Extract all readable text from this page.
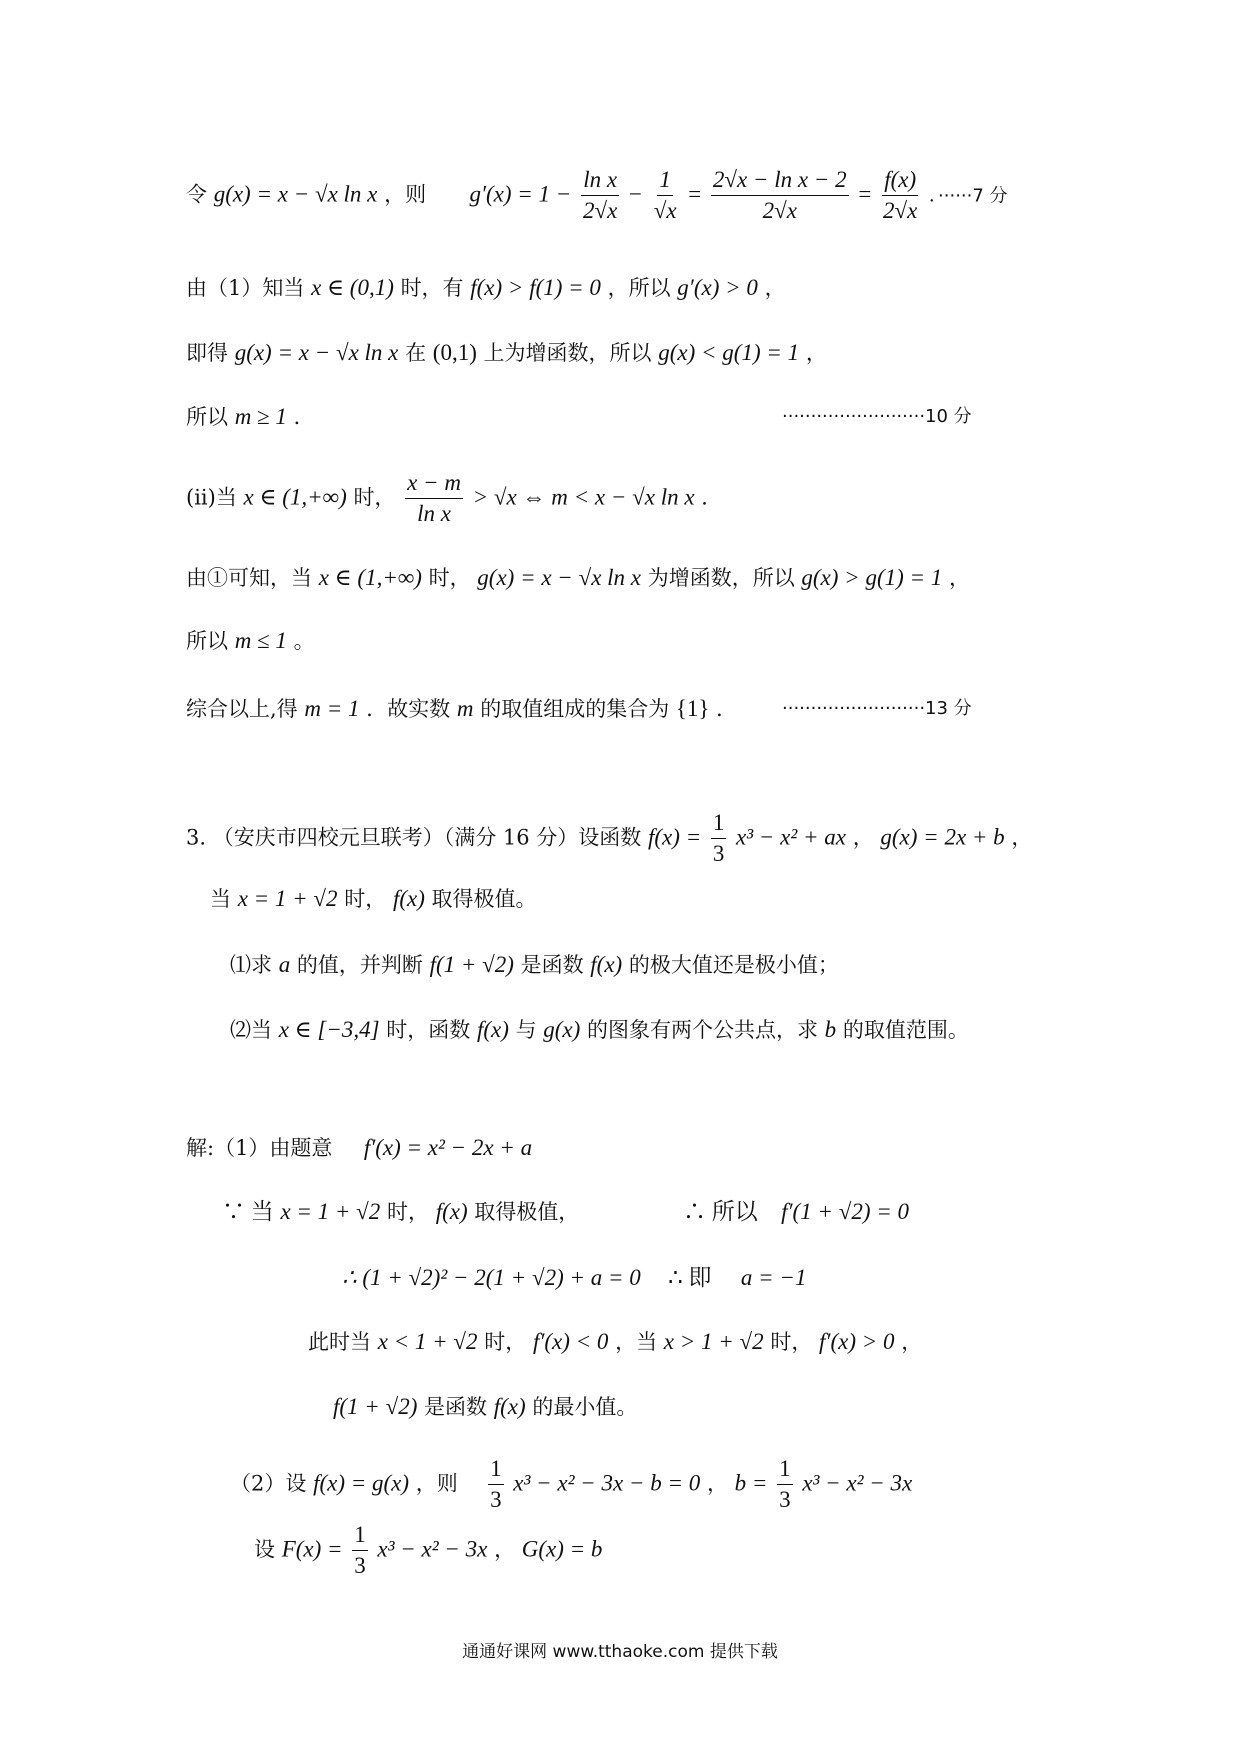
令 g(x) = x − √x ln x ，则 $g'(x) = 1 - \frac{\text{ln x}}{2√x} - \frac{1}{√x} = \frac{\text{2√x − ln x − 2}}{2√x} = \frac{f(x)}{2√x}$ ．······7 分
由（1）知当 x ∈ (0,1) 时，有 f(x) > f(1) = 0 ，所以 g′(x) > 0 ，
即得 g(x) = x − √x ln x 在 (0,1) 上为增函数，所以 g(x) < g(1) = 1 ，
所以 m ≥ 1 ．	·························10 分
(ii)当 x ∈ (1,+∞) 时， $\frac{x - m}{\text{ln x}} > √x$ ⇔ m < x − √x ln x ．
由①可知，当 x ∈ (1,+∞) 时， g(x) = x − √x ln x 为增函数，所以 g(x) > g(1) = 1 ，
所以 m ≤ 1 。
综合以上,得 m = 1 ．故实数 m 的取值组成的集合为 {1} ． ·························13 分
3. （安庆市四校元旦联考）（满分 16 分）设函数 $f(x) = \frac{1}{3} x^3 - x^2$ + ax ， g(x) = 2x + b ，
当 x = 1 + √2 时， f(x) 取得极值。
⑴求 a 的值，并判断 f(1 + √2) 是函数 f(x) 的极大值还是极小值；
⑵当 x ∈ [−3,4] 时，函数 f(x) 与 g(x) 的图象有两个公共点，求 b 的取值范围。
解:（1）由题意 f′(x) = x² − 2x + a
∵ 当 x = 1 + √2 时， f(x) 取得极值，	∴ 所以 f′(1 + √2) = 0
∴ (1 + √2)² − 2(1 + √2) + a = 0 ∴ 即 a = −1
此时当 x < 1 + √2 时， f′(x) < 0 ，当 x > 1 + √2 时， f′(x) > 0 ，
f(1 + √2) 是函数 f(x) 的最小值。
（2）设 f(x) = g(x) ，则 $\frac{1}{3} x^3 - x^2 - 3x - b = 0$ ， $b = \frac{1}{3} x^3 - x^2 - 3x$
设 $F(x) = \frac{1}{3} x^3 - x^2 - 3x$ ， G(x) = b
通通好课网 www.tthaoke.com 提供下载
